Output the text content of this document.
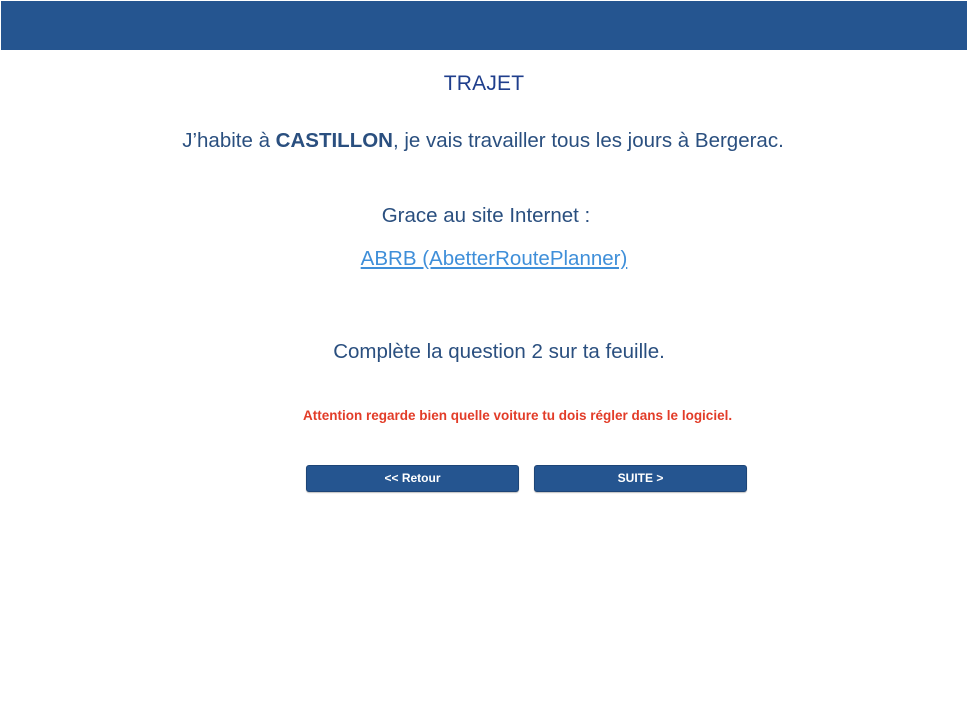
TRAJET
J’habite à CASTILLON, je vais travailler tous les jours à Bergerac.
Grace au site Internet :
ABRB (AbetterRoutePlanner)
Complète la question 2 sur ta feuille.
Attention regarde bien quelle voiture tu dois régler dans le logiciel.
<< Retour	SUITE >
